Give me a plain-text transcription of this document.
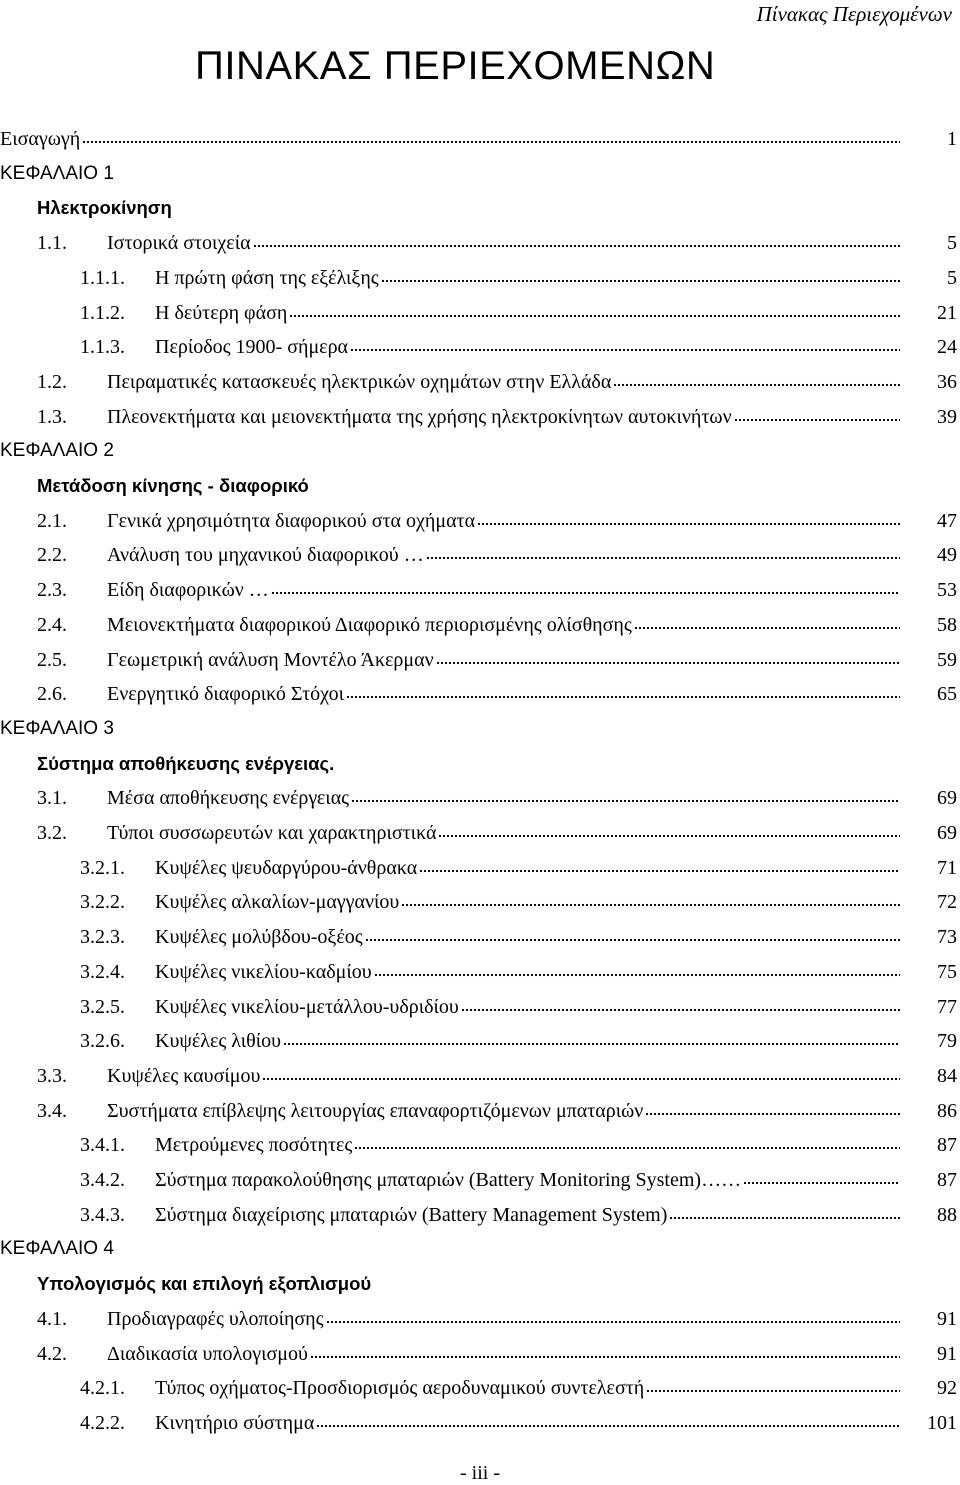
Πίνακας Περιεχομένων
ΠΙΝΑΚΑΣ ΠΕΡΙΕΧΟΜΕΝΩΝ
Εισαγωγή	1
ΚΕΦΑΛΑΙΟ 1
Ηλεκτροκίνηση
1.1. Ιστορικά στοιχεία	5
1.1.1. Η πρώτη φάση της εξέλιξης	5
1.1.2. Η δεύτερη φάση	21
1.1.3. Περίοδος 1900- σήμερα	24
1.2. Πειραματικές κατασκευές ηλεκτρικών οχημάτων στην Ελλάδα	36
1.3. Πλεονεκτήματα και μειονεκτήματα της χρήσης ηλεκτροκίνητων αυτοκινήτων	39
ΚΕΦΑΛΑΙΟ 2
Μετάδοση κίνησης - διαφορικό
2.1. Γενικά χρησιμότητα διαφορικού στα οχήματα	47
2.2. Ανάλυση του μηχανικού διαφορικού …	49
2.3. Είδη διαφορικών …	53
2.4. Μειονεκτήματα διαφορικού Διαφορικό περιορισμένης ολίσθησης	58
2.5. Γεωμετρική ανάλυση Μοντέλο Άκερμαν	59
2.6. Ενεργητικό διαφορικό Στόχοι	65
ΚΕΦΑΛΑΙΟ 3
Σύστημα αποθήκευσης ενέργειας.
3.1. Μέσα αποθήκευσης ενέργειας	69
3.2. Τύποι συσσωρευτών και χαρακτηριστικά	69
3.2.1. Κυψέλες ψευδαργύρου-άνθρακα	71
3.2.2. Κυψέλες αλκαλίων-μαγγανίου	72
3.2.3. Κυψέλες μολύβδου-οξέος	73
3.2.4. Κυψέλες νικελίου-καδμίου	75
3.2.5. Κυψέλες νικελίου-μετάλλου-υδριδίου	77
3.2.6. Κυψέλες λιθίου	79
3.3. Κυψέλες καυσίμου	84
3.4. Συστήματα επίβλεψης λειτουργίας επαναφορτιζόμενων μπαταριών	86
3.4.1. Μετρούμενες ποσότητες	87
3.4.2. Σύστημα παρακολούθησης μπαταριών (Battery Monitoring System)……	87
3.4.3. Σύστημα διαχείρισης μπαταριών (Battery Management System)	88
ΚΕΦΑΛΑΙΟ 4
Υπολογισμός και επιλογή εξοπλισμού
4.1. Προδιαγραφές υλοποίησης	91
4.2. Διαδικασία υπολογισμού	91
4.2.1. Τύπος οχήματος-Προσδιορισμός αεροδυναμικού συντελεστή	92
4.2.2. Κινητήριο σύστημα	101
- iii -
